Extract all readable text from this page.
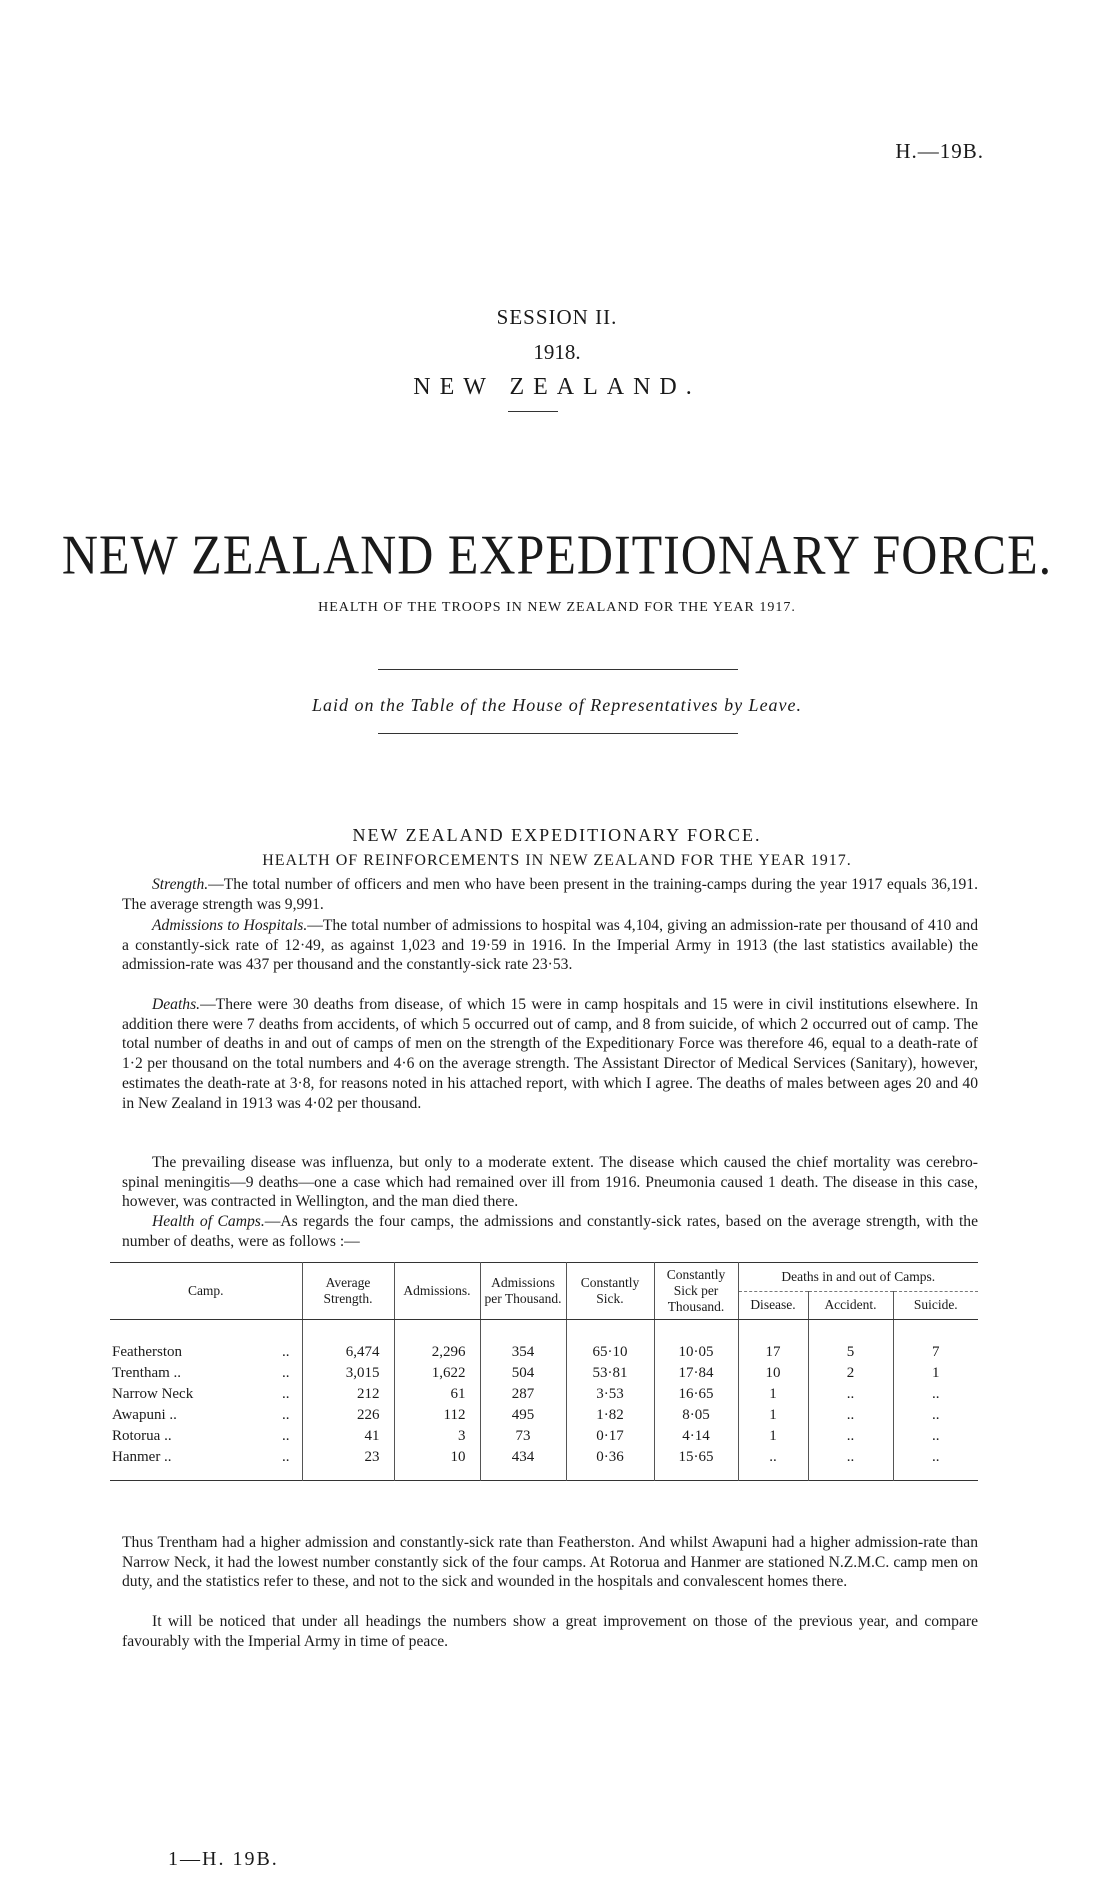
H.—19B.
SESSION II.
1918.
NEW ZEALAND.
NEW ZEALAND EXPEDITIONARY FORCE.
HEALTH OF THE TROOPS IN NEW ZEALAND FOR THE YEAR 1917.
Laid on the Table of the House of Representatives by Leave.
NEW ZEALAND EXPEDITIONARY FORCE.
HEALTH OF REINFORCEMENTS IN NEW ZEALAND FOR THE YEAR 1917.
Strength.—The total number of officers and men who have been present in the training-camps during the year 1917 equals 36,191. The average strength was 9,991.
Admissions to Hospitals.—The total number of admissions to hospital was 4,104, giving an admission-rate per thousand of 410 and a constantly-sick rate of 12·49, as against 1,023 and 19·59 in 1916. In the Imperial Army in 1913 (the last statistics available) the admission-rate was 437 per thousand and the constantly-sick rate 23·53.
Deaths.—There were 30 deaths from disease, of which 15 were in camp hospitals and 15 were in civil institutions elsewhere. In addition there were 7 deaths from accidents, of which 5 occurred out of camp, and 8 from suicide, of which 2 occurred out of camp. The total number of deaths in and out of camps of men on the strength of the Expeditionary Force was therefore 46, equal to a death-rate of 1·2 per thousand on the total numbers and 4·6 on the average strength. The Assistant Director of Medical Services (Sanitary), however, estimates the death-rate at 3·8, for reasons noted in his attached report, with which I agree. The deaths of males between ages 20 and 40 in New Zealand in 1913 was 4·02 per thousand.
The prevailing disease was influenza, but only to a moderate extent. The disease which caused the chief mortality was cerebro-spinal meningitis—9 deaths—one a case which had remained over ill from 1916. Pneumonia caused 1 death. The disease in this case, however, was contracted in Wellington, and the man died there.
Health of Camps.—As regards the four camps, the admissions and constantly-sick rates, based on the average strength, with the number of deaths, were as follows :—
Camp.	Average Strength.	Admissions.	Admissions per Thousand.	Constantly Sick.	Constantly Sick per Thousand.	Deaths in and out of Camps.		
						Disease.	Accident.	Suicide.

..
Featherston	6,474	2,296	354	65·10	10·05	17	5	7

..
Trentham ..	3,015	1,622	504	53·81	17·84	10	2	1

..
Narrow Neck	212	61	287	3·53	16·65	1	..	..

..
Awapuni ..	226	112	495	1·82	8·05	1	..	..

..
Rotorua ..	41	3	73	0·17	4·14	1	..	..

..
Hanmer ..	23	10	434	0·36	15·65	..	..	..

Thus Trentham had a higher admission and constantly-sick rate than Featherston. And whilst Awapuni had a higher admission-rate than Narrow Neck, it had the lowest number constantly sick of the four camps. At Rotorua and Hanmer are stationed N.Z.M.C. camp men on duty, and the statistics refer to these, and not to the sick and wounded in the hospitals and convalescent homes there.
It will be noticed that under all headings the numbers show a great improvement on those of the previous year, and compare favourably with the Imperial Army in time of peace.
1—H. 19B.
